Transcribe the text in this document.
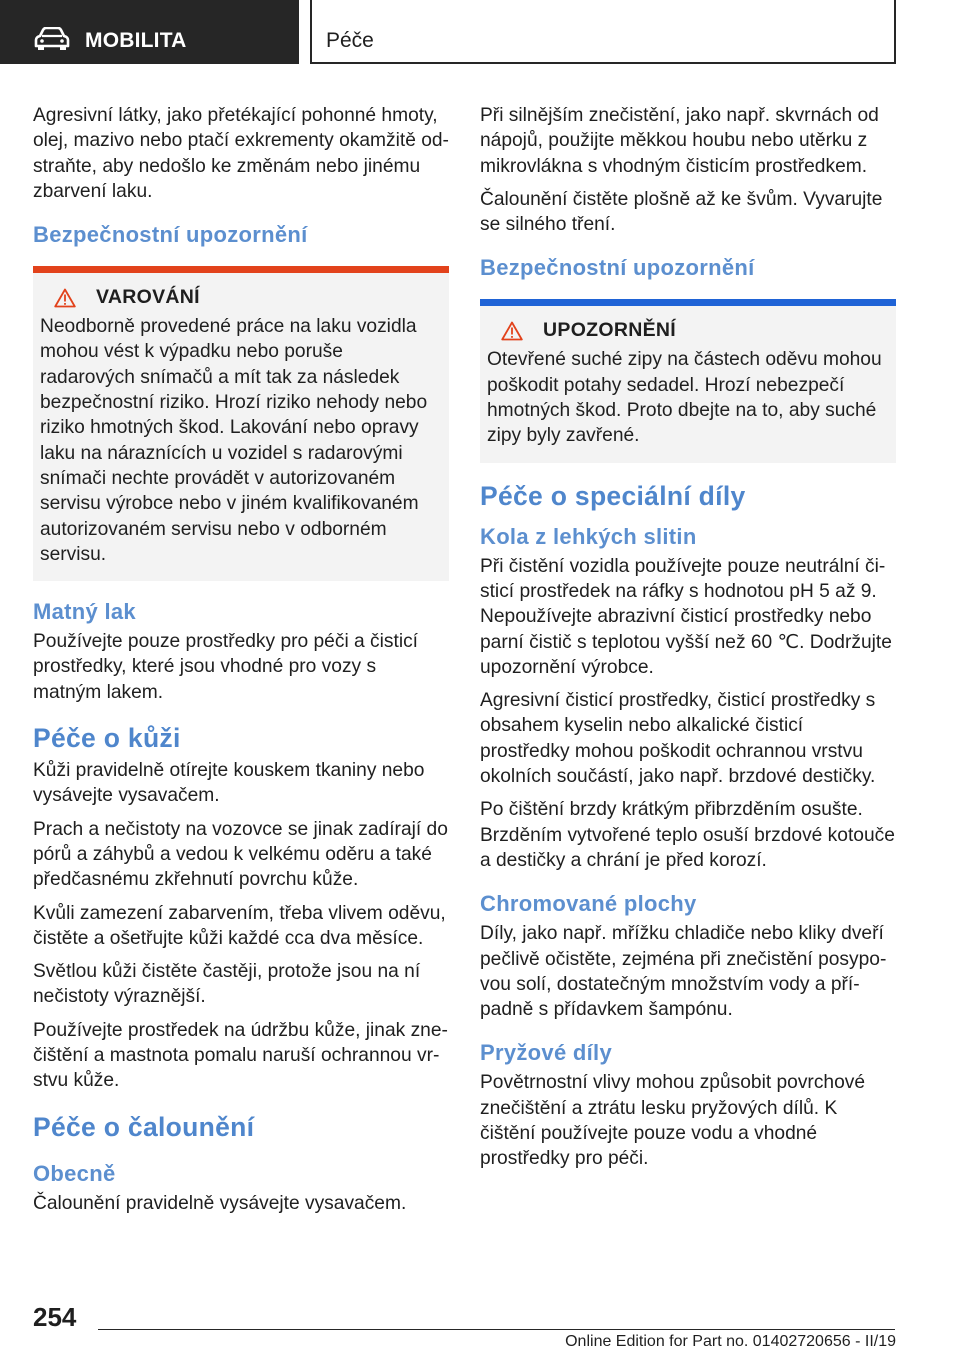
MOBILITA	Péče

Agresivní látky, jako přetékající pohonné hmoty, olej, mazivo nebo ptačí exkrementy okamžitě odstraňte, aby nedošlo ke změnám nebo jinému zbarvení laku.

Bezpečnostní upozornění
VAROVÁNÍ

Neodborně provedené práce na laku vozidla mohou vést k výpadku nebo poruše radarových snímačů a mít tak za následek bezpečnostní riziko. Hrozí riziko nehody nebo riziko hmotných škod. Lakování nebo opravy laku na náraznících u vozidel s radarovými snímači nechte provádět v autorizovaném servisu výrobce nebo v jiném kvalifikovaném autorizovaném servisu nebo v odborném servisu.

Matný lak

Používejte pouze prostředky pro péči a čisticí prostředky, které jsou vhodné pro vozy s matným lakem.

Péče o kůži

Kůži pravidelně otírejte kouskem tkaniny nebo vysávejte vysavačem.

Prach a nečistoty na vozovce se jinak zadírají do pórů a záhybů a vedou k velkému oděru a také předčasnému zkřehnutí povrchu kůže.

Kvůli zamezení zabarvením, třeba vlivem oděvu, čistěte a ošetřujte kůži každé cca dva měsíce.

Světlou kůži čistěte častěji, protože jsou na ní nečistoty výraznější.

Používejte prostředek na údržbu kůže, jinak znečištění a mastnota pomalu naruší ochrannou vrstvu kůže.

Péče o čalounění
Obecně

Čalounění pravidelně vysávejte vysavačem.

Při silnějším znečistění, jako např. skvrnách od nápojů, použijte měkkou houbu nebo utěrku z mikrovlákna s vhodným čisticím prostředkem.

Čalounění čistěte plošně až ke švům. Vyvarujte se silného tření.

Bezpečnostní upozornění
UPOZORNĚNÍ

Otevřené suché zipy na částech oděvu mohou poškodit potahy sedadel. Hrozí nebezpečí hmotných škod. Proto dbejte na to, aby suché zipy byly zavřené.

Péče o speciální díly
Kola z lehkých slitin

Při čistění vozidla používejte pouze neutrální čisticí prostředek na ráfky s hodnotou pH 5 až 9. Nepoužívejte abrazivní čisticí prostředky nebo parní čistič s teplotou vyšší než 60 ℃. Dodržujte upozornění výrobce.

Agresivní čisticí prostředky, čisticí prostředky s obsahem kyselin nebo alkalické čisticí prostředky mohou poškodit ochrannou vrstvu okolních součástí, jako např. brzdové destičky.

Po čištění brzdy krátkým přibrzděním osušte. Brzděním vytvořené teplo osuší brzdové kotouče a destičky a chrání je před korozí.

Chromované plochy

Díly, jako např. mřížku chladiče nebo kliky dveří pečlivě očistěte, zejména při znečistění posypovou solí, dostatečným množstvím vody a případně s přídavkem šampónu.

Pryžové díly

Povětrnostní vlivy mohou způsobit povrchové znečištění a ztrátu lesku pryžových dílů. K čištění používejte pouze vodu a vhodné prostředky pro péči.

254
Online Edition for Part no. 01402720656 - II/19
